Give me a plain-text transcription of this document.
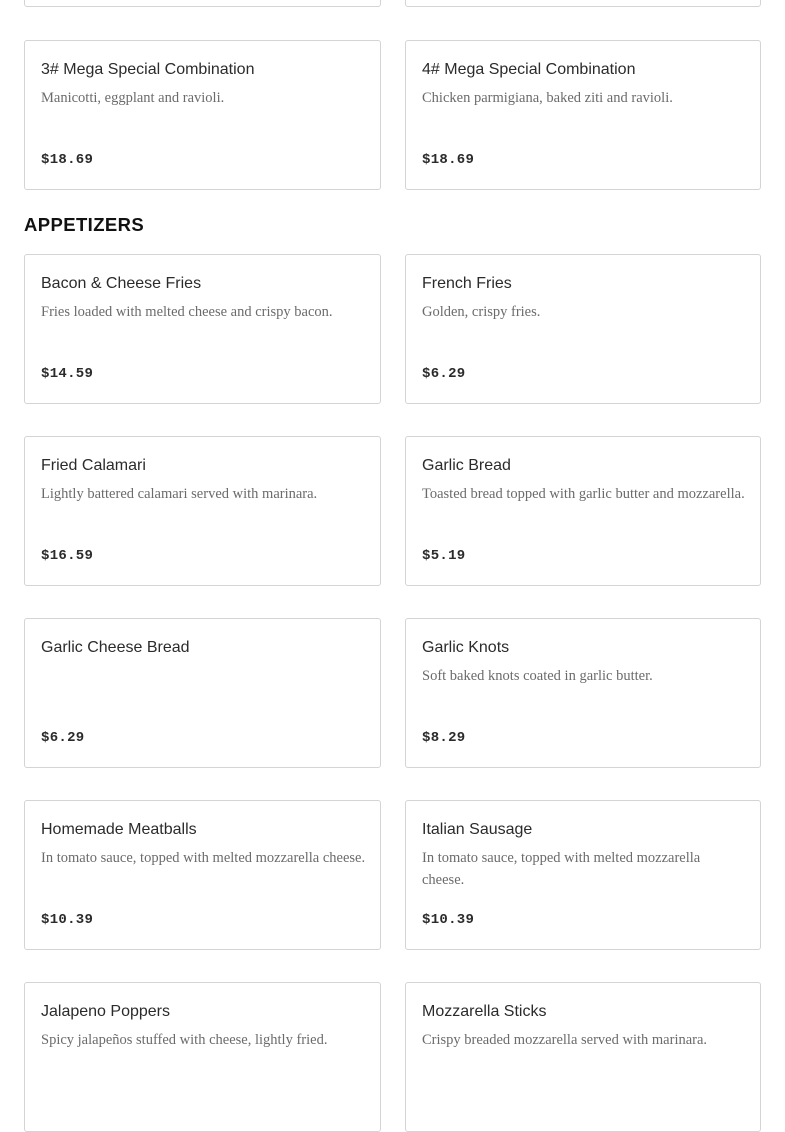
3# Mega Special Combination
Manicotti, eggplant and ravioli.
$18.69
4# Mega Special Combination
Chicken parmigiana, baked ziti and ravioli.
$18.69
APPETIZERS
Bacon & Cheese Fries
Fries loaded with melted cheese and crispy bacon.
$14.59
French Fries
Golden, crispy fries.
$6.29
Fried Calamari
Lightly battered calamari served with marinara.
$16.59
Garlic Bread
Toasted bread topped with garlic butter and mozzarella.
$5.19
Garlic Cheese Bread
$6.29
Garlic Knots
Soft baked knots coated in garlic butter.
$8.29
Homemade Meatballs
In tomato sauce, topped with melted mozzarella cheese.
$10.39
Italian Sausage
In tomato sauce, topped with melted mozzarella cheese.
$10.39
Jalapeno Poppers
Spicy jalapeños stuffed with cheese, lightly fried.
Mozzarella Sticks
Crispy breaded mozzarella served with marinara.
